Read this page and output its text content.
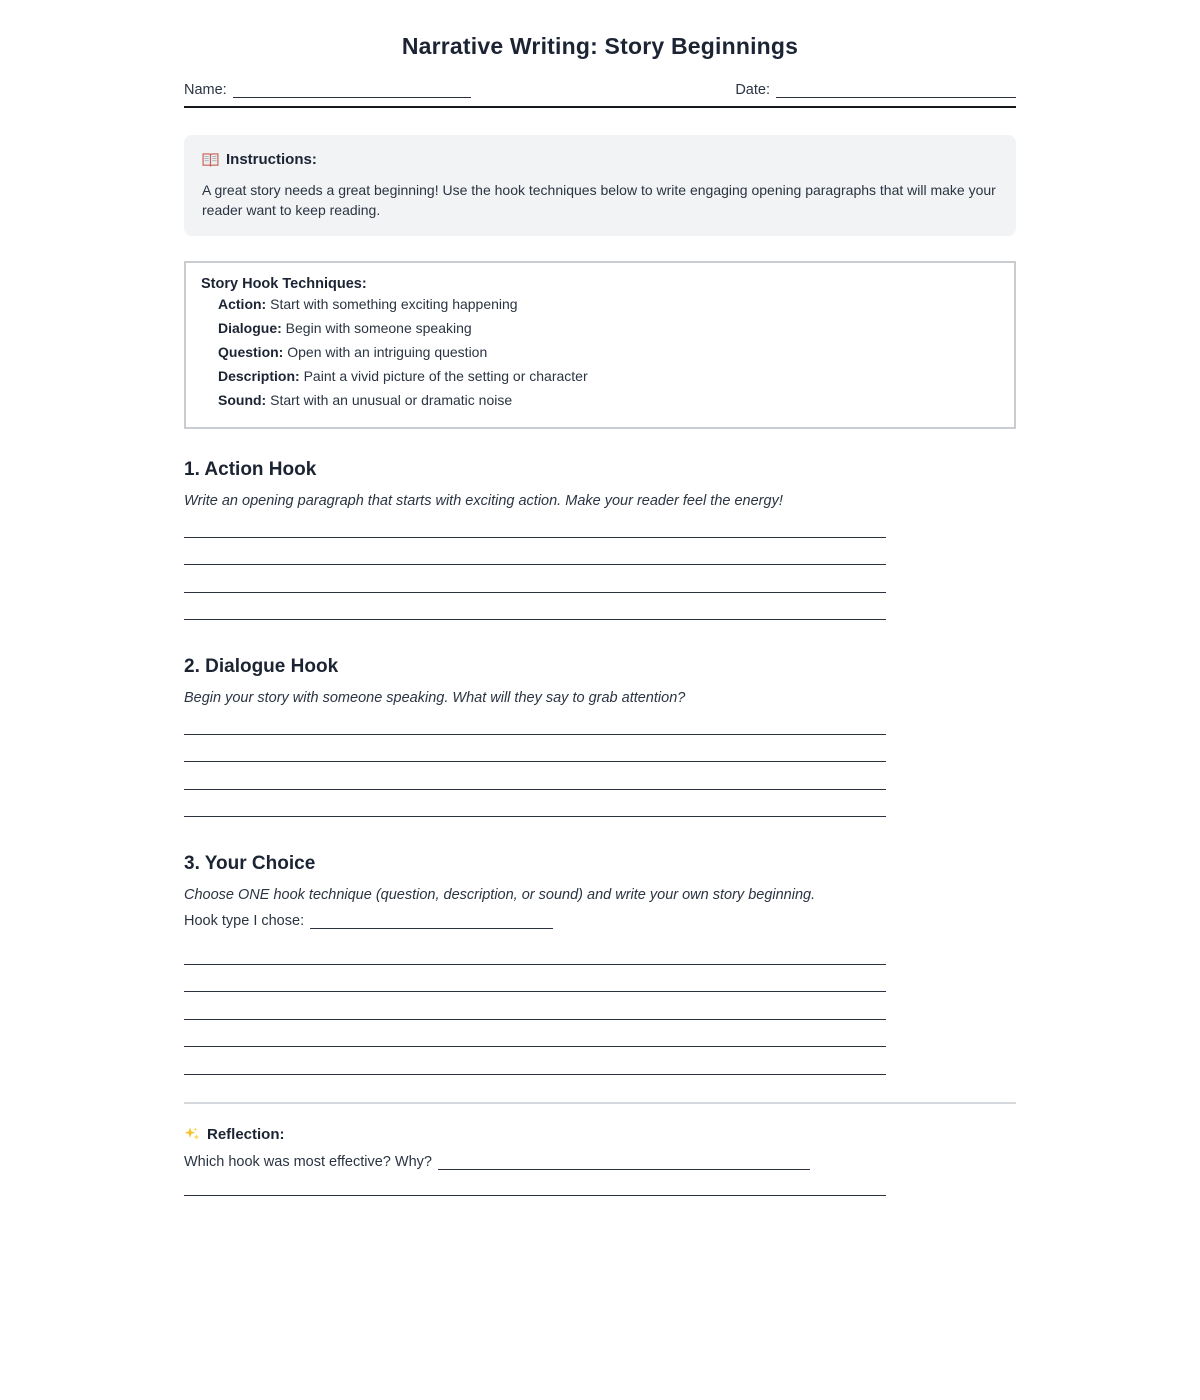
Narrative Writing: Story Beginnings
Name:	Date:
Instructions:

A great story needs a great beginning! Use the hook techniques below to write engaging opening paragraphs that will make your reader want to keep reading.

Story Hook Techniques:
Action: Start with something exciting happening
Dialogue: Begin with someone speaking
Question: Open with an intriguing question
Description: Paint a vivid picture of the setting or character
Sound: Start with an unusual or dramatic noise
1. Action Hook

Write an opening paragraph that starts with exciting action. Make your reader feel the energy!

2. Dialogue Hook

Begin your story with someone speaking. What will they say to grab attention?

3. Your Choice

Choose ONE hook technique (question, description, or sound) and write your own story beginning.

Hook type I chose:
Reflection:
Which hook was most effective? Why?
